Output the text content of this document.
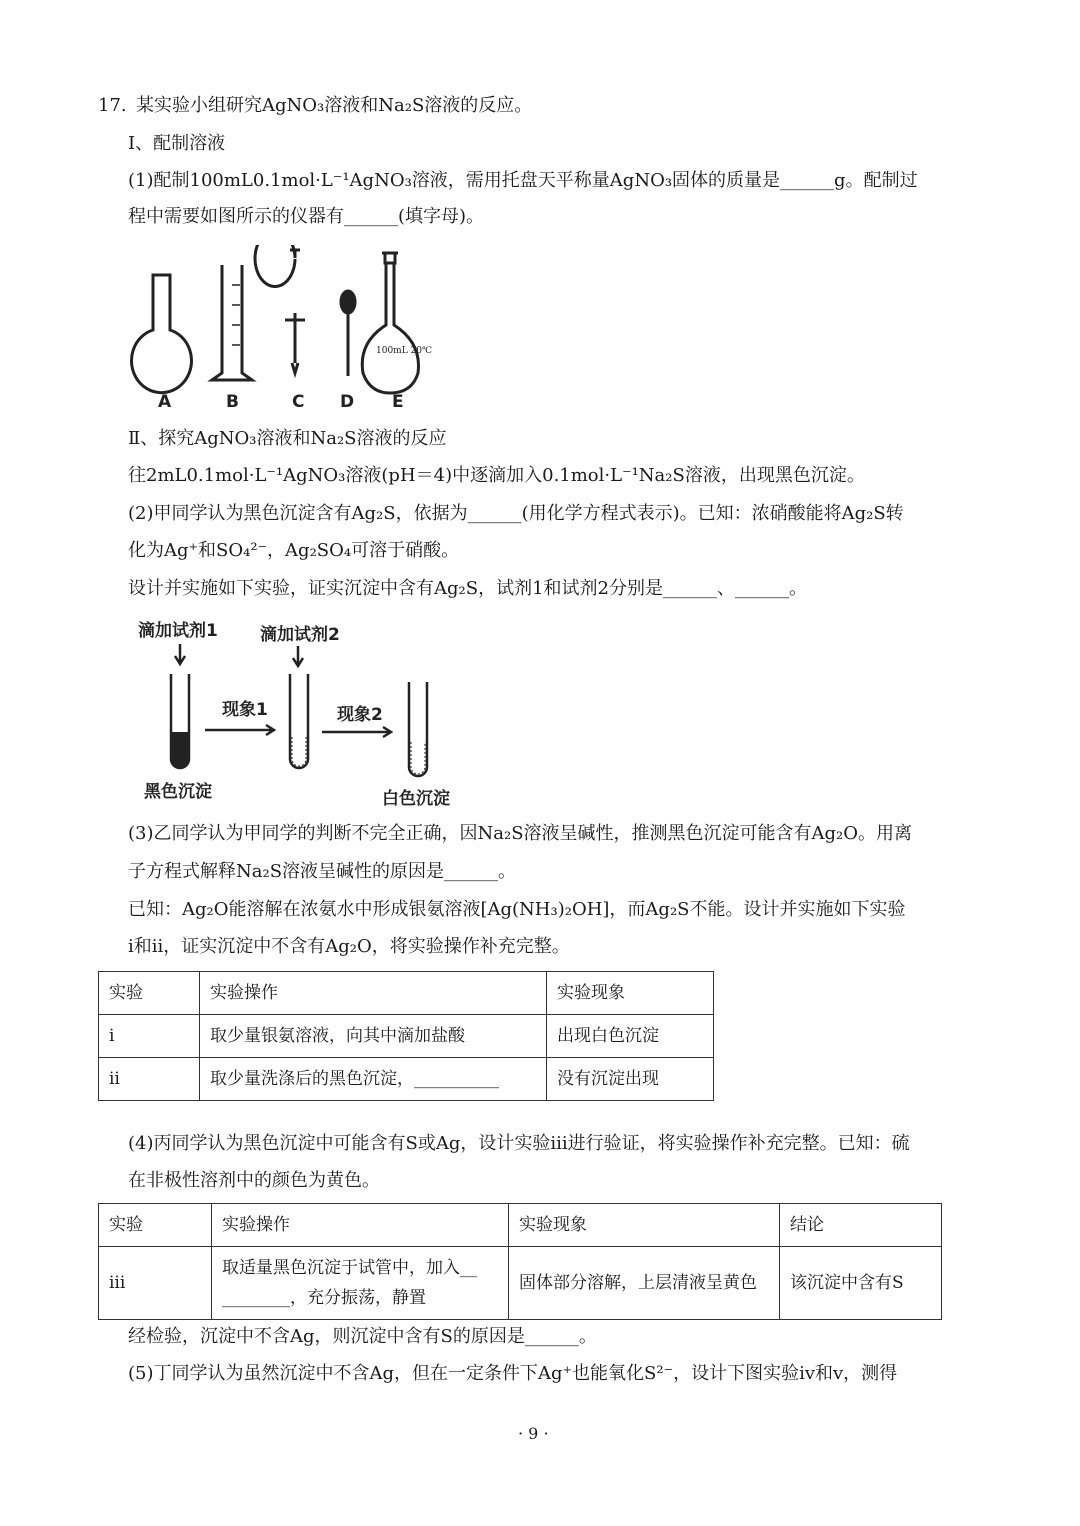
17. 某实验小组研究AgNO₃溶液和Na₂S溶液的反应。
Ⅰ、配制溶液
(1)配制100mL0.1mol·L⁻¹AgNO₃溶液，需用托盘天平称量AgNO₃固体的质量是______g。配制过
程中需要如图所示的仪器有______(填字母)。
100mL 20℃
A	B	C D E
Ⅱ、探究AgNO₃溶液和Na₂S溶液的反应
往2mL0.1mol·L⁻¹AgNO₃溶液(pH＝4)中逐滴加入0.1mol·L⁻¹Na₂S溶液，出现黑色沉淀。
(2)甲同学认为黑色沉淀含有Ag₂S，依据为______(用化学方程式表示)。已知：浓硝酸能将Ag₂S转
化为Ag⁺和SO₄²⁻，Ag₂SO₄可溶于硝酸。
设计并实施如下实验，证实沉淀中含有Ag₂S，试剂1和试剂2分别是______、______。
滴加试剂1 滴加试剂2
现象1	现象2
黑色沉淀	白色沉淀
(3)乙同学认为甲同学的判断不完全正确，因Na₂S溶液呈碱性，推测黑色沉淀可能含有Ag₂O。用离
子方程式解释Na₂S溶液呈碱性的原因是______。
已知：Ag₂O能溶解在浓氨水中形成银氨溶液[Ag(NH₃)₂OH]，而Ag₂S不能。设计并实施如下实验
ⅰ和ⅱ，证实沉淀中不含有Ag₂O，将实验操作补充完整。
实验	实验操作	实验现象
ⅰ	取少量银氨溶液，向其中滴加盐酸	出现白色沉淀
ⅱ	取少量洗涤后的黑色沉淀，__________	没有沉淀出现
(4)丙同学认为黑色沉淀中可能含有S或Ag，设计实验ⅲ进行验证，将实验操作补充完整。已知：硫
在非极性溶剂中的颜色为黄色。
实验	实验操作	实验现象	结论
ⅲ	取适量黑色沉淀于试管中，加入__ ________，充分振荡，静置	固体部分溶解，上层清液呈黄色	该沉淀中含有S
经检验，沉淀中不含Ag，则沉淀中含有S的原因是______。
(5)丁同学认为虽然沉淀中不含Ag，但在一定条件下Ag⁺也能氧化S²⁻，设计下图实验ⅳ和ⅴ，测得
· 9 ·
